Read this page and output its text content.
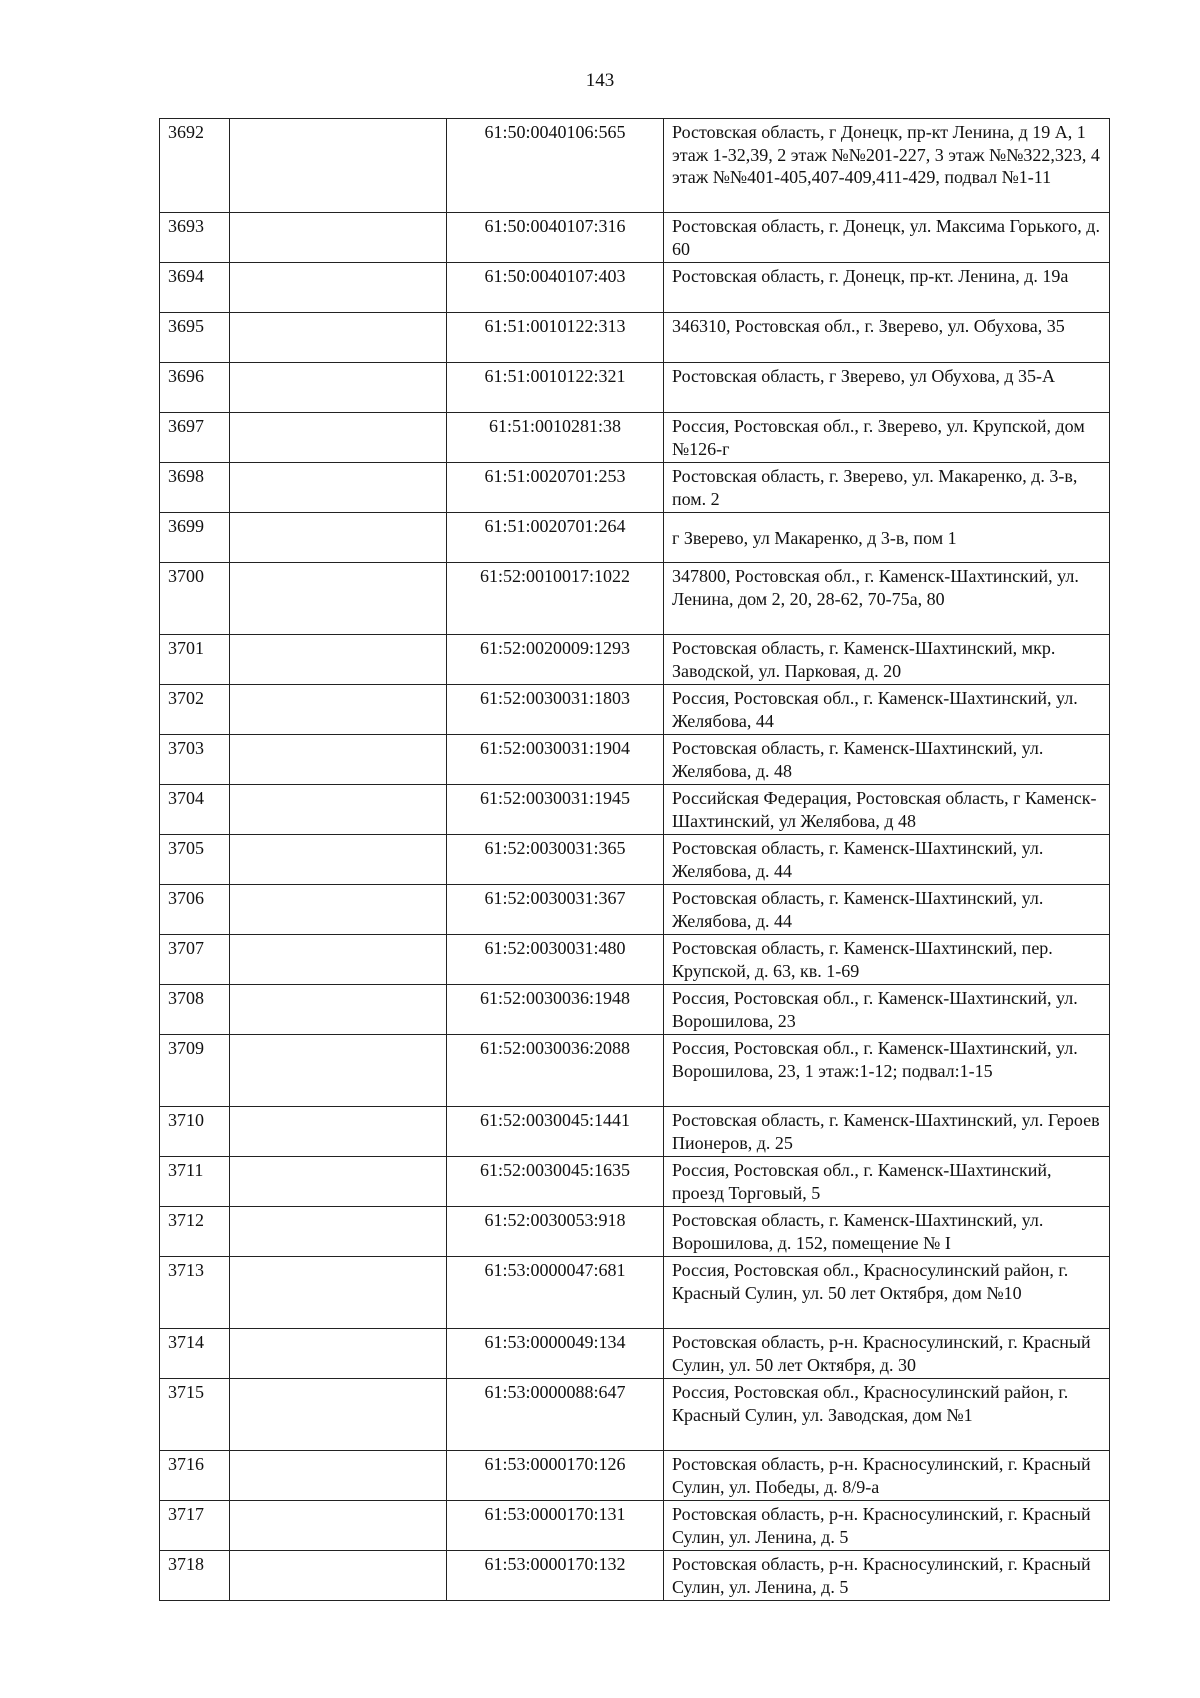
143
3692		61:50:0040106:565	Ростовская область, г Донецк, пр-кт Ленина, д 19 А, 1 этаж 1-32,39, 2 этаж №№201-227, 3 этаж №№322,323, 4 этаж №№401-405,407-409,411-429, подвал №1-11
3693		61:50:0040107:316	Ростовская область, г. Донецк, ул. Максима Горького, д. 60
3694		61:50:0040107:403	Ростовская область, г. Донецк, пр-кт. Ленина, д. 19а
3695		61:51:0010122:313	346310, Ростовская обл., г. Зверево, ул. Обухова, 35
3696		61:51:0010122:321	Ростовская область, г Зверево, ул Обухова, д 35-А
3697		61:51:0010281:38	Россия, Ростовская обл., г. Зверево, ул. Крупской, дом №126-г
3698		61:51:0020701:253	Ростовская область, г. Зверево, ул. Макаренко, д. 3-в, пом. 2
3699		61:51:0020701:264	г Зверево, ул Макаренко, д 3-в, пом 1
3700		61:52:0010017:1022	347800, Ростовская обл., г. Каменск-Шахтинский, ул. Ленина, дом 2, 20, 28-62, 70-75а, 80
3701		61:52:0020009:1293	Ростовская область, г. Каменск-Шахтинский, мкр. Заводской, ул. Парковая, д. 20
3702		61:52:0030031:1803	Россия, Ростовская обл., г. Каменск-Шахтинский, ул. Желябова, 44
3703		61:52:0030031:1904	Ростовская область, г. Каменск-Шахтинский, ул. Желябова, д. 48
3704		61:52:0030031:1945	Российская Федерация, Ростовская область, г Каменск-Шахтинский, ул Желябова, д 48
3705		61:52:0030031:365	Ростовская область, г. Каменск-Шахтинский, ул. Желябова, д. 44
3706		61:52:0030031:367	Ростовская область, г. Каменск-Шахтинский, ул. Желябова, д. 44
3707		61:52:0030031:480	Ростовская область, г. Каменск-Шахтинский, пер. Крупской, д. 63, кв. 1-69
3708		61:52:0030036:1948	Россия, Ростовская обл., г. Каменск-Шахтинский, ул. Ворошилова, 23
3709		61:52:0030036:2088	Россия, Ростовская обл., г. Каменск-Шахтинский, ул. Ворошилова, 23, 1 этаж:1-12; подвал:1-15
3710		61:52:0030045:1441	Ростовская область, г. Каменск-Шахтинский, ул. Героев Пионеров, д. 25
3711		61:52:0030045:1635	Россия, Ростовская обл., г. Каменск-Шахтинский, проезд Торговый, 5
3712		61:52:0030053:918	Ростовская область, г. Каменск-Шахтинский, ул. Ворошилова, д. 152, помещение № I
3713		61:53:0000047:681	Россия, Ростовская обл., Красносулинский район, г. Красный Сулин, ул. 50 лет Октября, дом №10
3714		61:53:0000049:134	Ростовская область, р-н. Красносулинский, г. Красный Сулин, ул. 50 лет Октября, д. 30
3715		61:53:0000088:647	Россия, Ростовская обл., Красносулинский район, г. Красный Сулин, ул. Заводская, дом №1
3716		61:53:0000170:126	Ростовская область, р-н. Красносулинский, г. Красный Сулин, ул. Победы, д. 8/9-а
3717		61:53:0000170:131	Ростовская область, р-н. Красносулинский, г. Красный Сулин, ул. Ленина, д. 5
3718		61:53:0000170:132	Ростовская область, р-н. Красносулинский, г. Красный Сулин, ул. Ленина, д. 5
